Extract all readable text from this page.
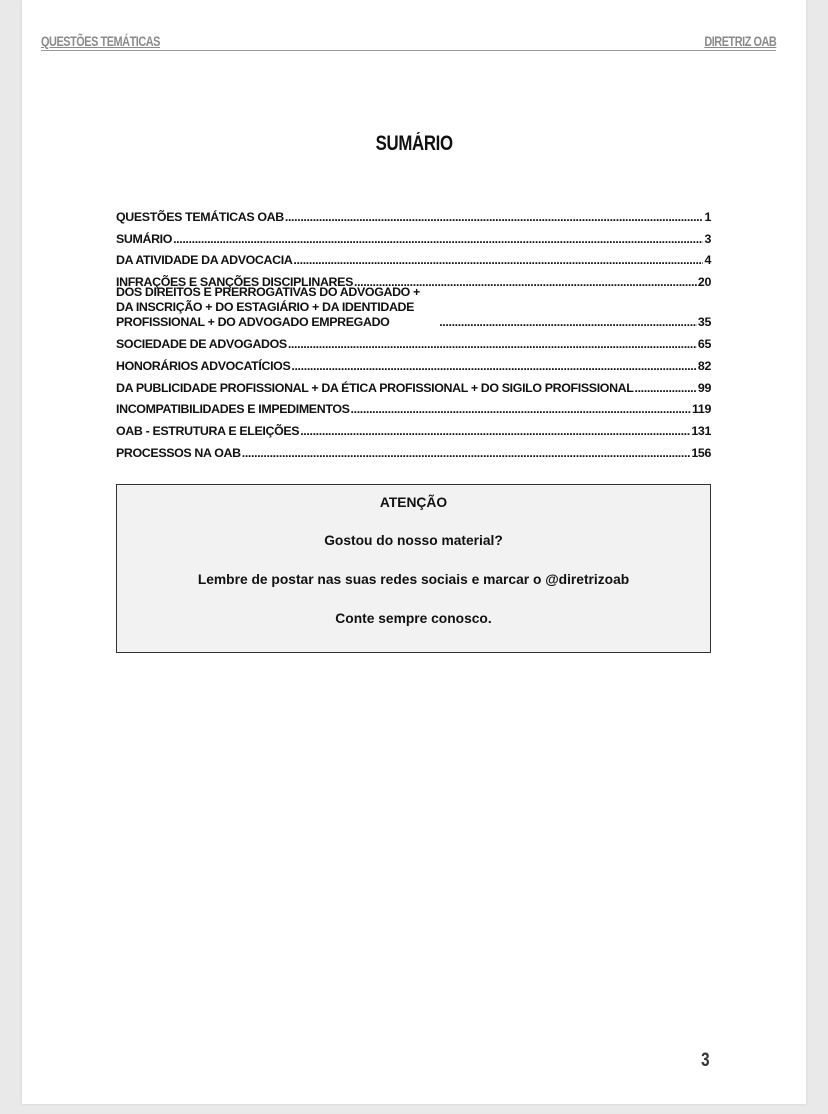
QUESTÕES TEMÁTICAS	DIRETRIZ OAB
SUMÁRIO
QUESTÕES TEMÁTICAS OAB .....	1
SUMÁRIO .....	3
DA ATIVIDADE DA ADVOCACIA .....	4
INFRAÇÕES E SANÇÕES DISCIPLINARES .....	20
DOS DIREITOS E PRERROGATIVAS DO ADVOGADO + DA INSCRIÇÃO + DO ESTAGIÁRIO + DA IDENTIDADE PROFISSIONAL + DO ADVOGADO EMPREGADO .....	35
SOCIEDADE DE ADVOGADOS .....	65
HONORÁRIOS ADVOCATÍCIOS .....	82
DA PUBLICIDADE PROFISSIONAL + DA ÉTICA PROFISSIONAL + DO SIGILO PROFISSIONAL .....	99
INCOMPATIBILIDADES E IMPEDIMENTOS .....	119
OAB - ESTRUTURA E ELEIÇÕES .....	131
PROCESSOS NA OAB .....	156
ATENÇÃO
Gostou do nosso material?
Lembre de postar nas suas redes sociais e marcar o @diretrizoab
Conte sempre conosco.
3
